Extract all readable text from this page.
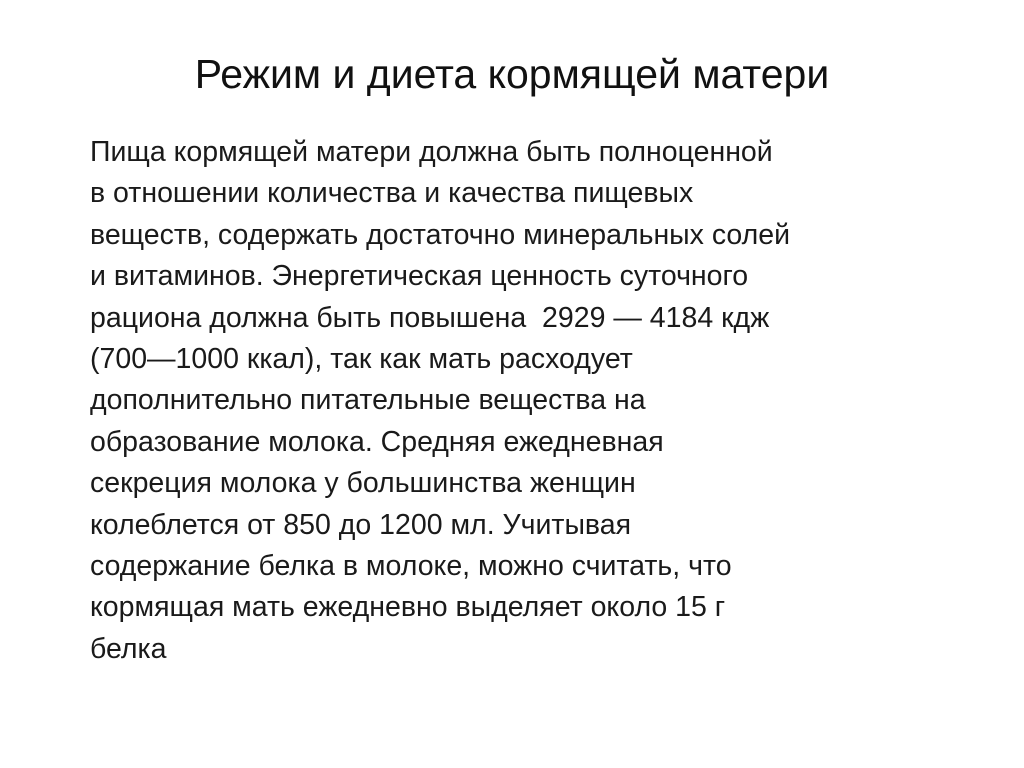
Режим и диета кормящей матери

Пища кормящей матери должна быть полноценной
в отношении количества и качества пищевых
веществ, содержать достаточно минеральных солей
и витаминов. Энергетическая ценность суточного
рациона должна быть повышена  2929 — 4184 кдж
(700—1000 ккал), так как мать расходует
дополнительно питательные вещества на
образование молока. Средняя ежедневная
секреция молока у большинства женщин
колеблется от 850 до 1200 мл. Учитывая
содержание белка в молоке, можно считать, что
кормящая мать ежедневно выделяет около 15 г
белка
